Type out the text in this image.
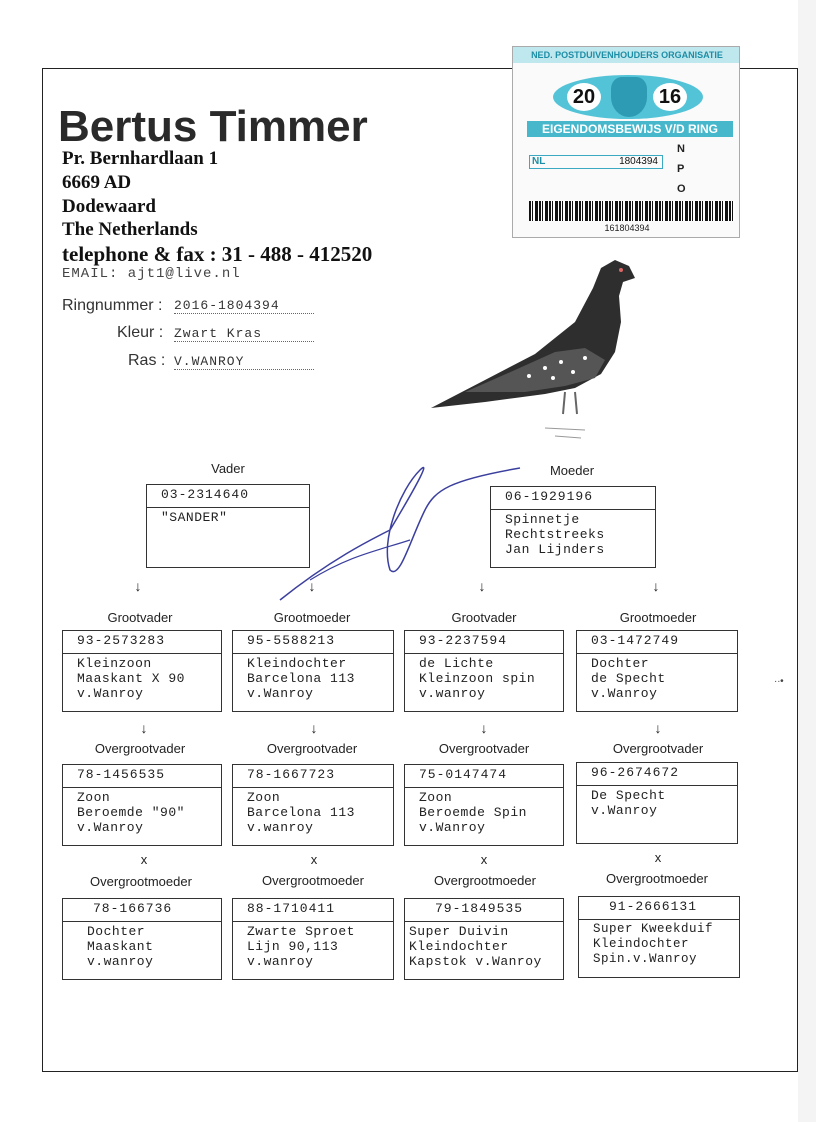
Bertus Timmer
Pr. Bernhardlaan 1
6669 AD
Dodewaard
The Netherlands
telephone & fax : 31 - 488 - 412520
EMAIL: ajt1@live.nl
Ringnummer : 2016-1804394
Kleur : Zwart Kras
Ras : V.WANROY
NED. POSTDUIVENHOUDERS ORGANISATIE
20	16
EIGENDOMSBEWIJS V/D RING
NL	1804394
N
P
O
161804394
Vader	Moeder
03-2314640
"SANDER"
06-1929196
Spinnetje
Rechtstreeks
Jan Lijnders
↓	↓	↓	↓
Grootvader	Grootmoeder	Grootvader	Grootmoeder
93-2573283
Kleinzoon
Maaskant X 90
v.Wanroy
95-5588213
Kleindochter
Barcelona 113
v.Wanroy
93-2237594
de Lichte
Kleinzoon spin
v.wanroy
03-1472749
Dochter
de Specht
v.Wanroy
·∙•
↓	↓	↓	↓
Overgrootvader	Overgrootvader	Overgrootvader	Overgrootvader
78-1456535
Zoon
Beroemde "90"
v.Wanroy
78-1667723
Zoon
Barcelona 113
v.wanroy
75-0147474
Zoon
Beroemde Spin
v.Wanroy
96-2674672
De Specht
v.Wanroy
x	x	x	x
Overgrootmoeder	Overgrootmoeder	Overgrootmoeder	Overgrootmoeder
78-166736
Dochter
Maaskant
v.wanroy
88-1710411
Zwarte Sproet
Lijn 90,113
v.wanroy
79-1849535
Super Duivin
Kleindochter
Kapstok v.Wanroy
91-2666131
Super Kweekduif
Kleindochter
Spin.v.Wanroy
